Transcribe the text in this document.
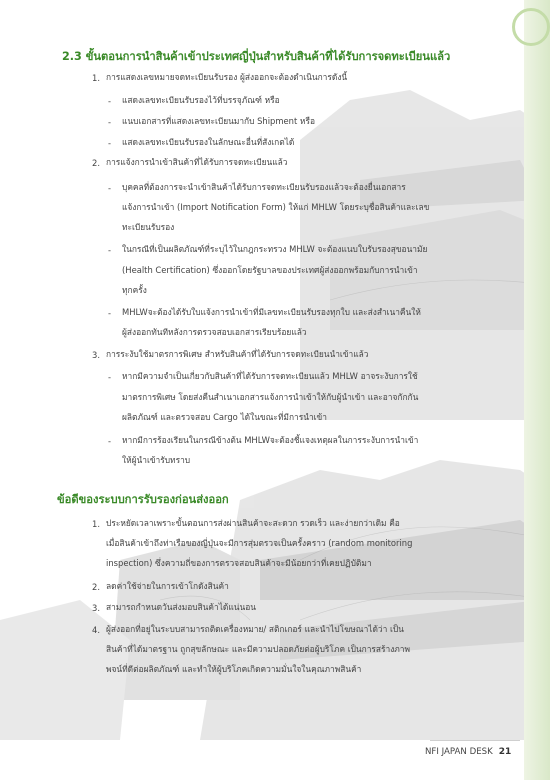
2.3 ขั้นตอนการนำสินค้าเข้าประเทศญี่ปุ่นสำหรับสินค้าที่ได้รับการจดทะเบียนแล้ว
1. การแสดงเลขหมายจดทะเบียนรับรอง ผู้ส่งออกจะต้องดำเนินการดังนี้
- แสดงเลขทะเบียนรับรองไว้ที่บรรจุภัณฑ์ หรือ
- แนบเอกสารที่แสดงเลขทะเบียนมากับ Shipment หรือ
- แสดงเลขทะเบียนรับรองในลักษณะอื่นที่สังเกตได้
2. การแจ้งการนำเข้าสินค้าที่ได้รับการจดทะเบียนแล้ว
- บุคคลที่ต้องการจะนำเข้าสินค้าได้รับการจดทะเบียนรับรองแล้วจะต้องยื่นเอกสาร
แจ้งการนำเข้า (Import Notification Form) ให้แก่ MHLW โดยระบุชื่อสินค้าและเลข
ทะเบียนรับรอง
- ในกรณีที่เป็นผลิตภัณฑ์ที่ระบุไว้ในกฎกระทรวง MHLW จะต้องแนบใบรับรองสุขอนามัย
(Health Certification) ซึ่งออกโดยรัฐบาลของประเทศผู้ส่งออกพร้อมกับการนำเข้า
ทุกครั้ง
- MHLWจะต้องได้รับใบแจ้งการนำเข้าที่มีเลขทะเบียนรับรองทุกใบ และส่งสำเนาคืนให้
ผู้ส่งออกทันทีหลังการตรวจสอบเอกสารเรียบร้อยแล้ว
3. การระงับใช้มาตรการพิเศษ สำหรับสินค้าที่ได้รับการจดทะเบียนนำเข้าแล้ว
- หากมีความจำเป็นเกี่ยวกับสินค้าที่ได้รับการจดทะเบียนแล้ว MHLW อาจระงับการใช้
มาตรการพิเศษ โดยส่งคืนสำเนาเอกสารแจ้งการนำเข้าให้กับผู้นำเข้า และอาจกักกัน
ผลิตภัณฑ์ และตรวจสอบ Cargo ได้ในขณะที่มีการนำเข้า
- หากมีการร้องเรียนในกรณีข้างต้น MHLWจะต้องชี้แจงเหตุผลในการระงับการนำเข้า
ให้ผู้นำเข้ารับทราบ
ข้อดีของระบบการรับรองก่อนส่งออก
1. ประหยัดเวลาเพราะขั้นตอนการส่งผ่านสินค้าจะสะดวก รวดเร็ว และง่ายกว่าเดิม คือ
เมื่อสินค้าเข้าถึงท่าเรือของญี่ปุ่นจะมีการสุ่มตรวจเป็นครั้งคราว (random monitoring
inspection) ซึ่งความถี่ของการตรวจสอบสินค้าจะมีน้อยกว่าที่เคยปฏิบัติมา
2. ลดค่าใช้จ่ายในการเข้าโกดังสินค้า
3. สามารถกำหนดวันส่งมอบสินค้าได้แน่นอน
4. ผู้ส่งออกที่อยู่ในระบบสามารถติดเครื่องหมาย/ สติกเกอร์ และนำไปโฆษณาได้ว่า เป็น
สินค้าที่ได้มาตรฐาน ถูกสุขลักษณะ และมีความปลอดภัยต่อผู้บริโภค เป็นการสร้างภาพ
พจน์ที่ดีต่อผลิตภัณฑ์ และทำให้ผู้บริโภคเกิดความมั่นใจในคุณภาพสินค้า
NFI JAPAN DESK 21
